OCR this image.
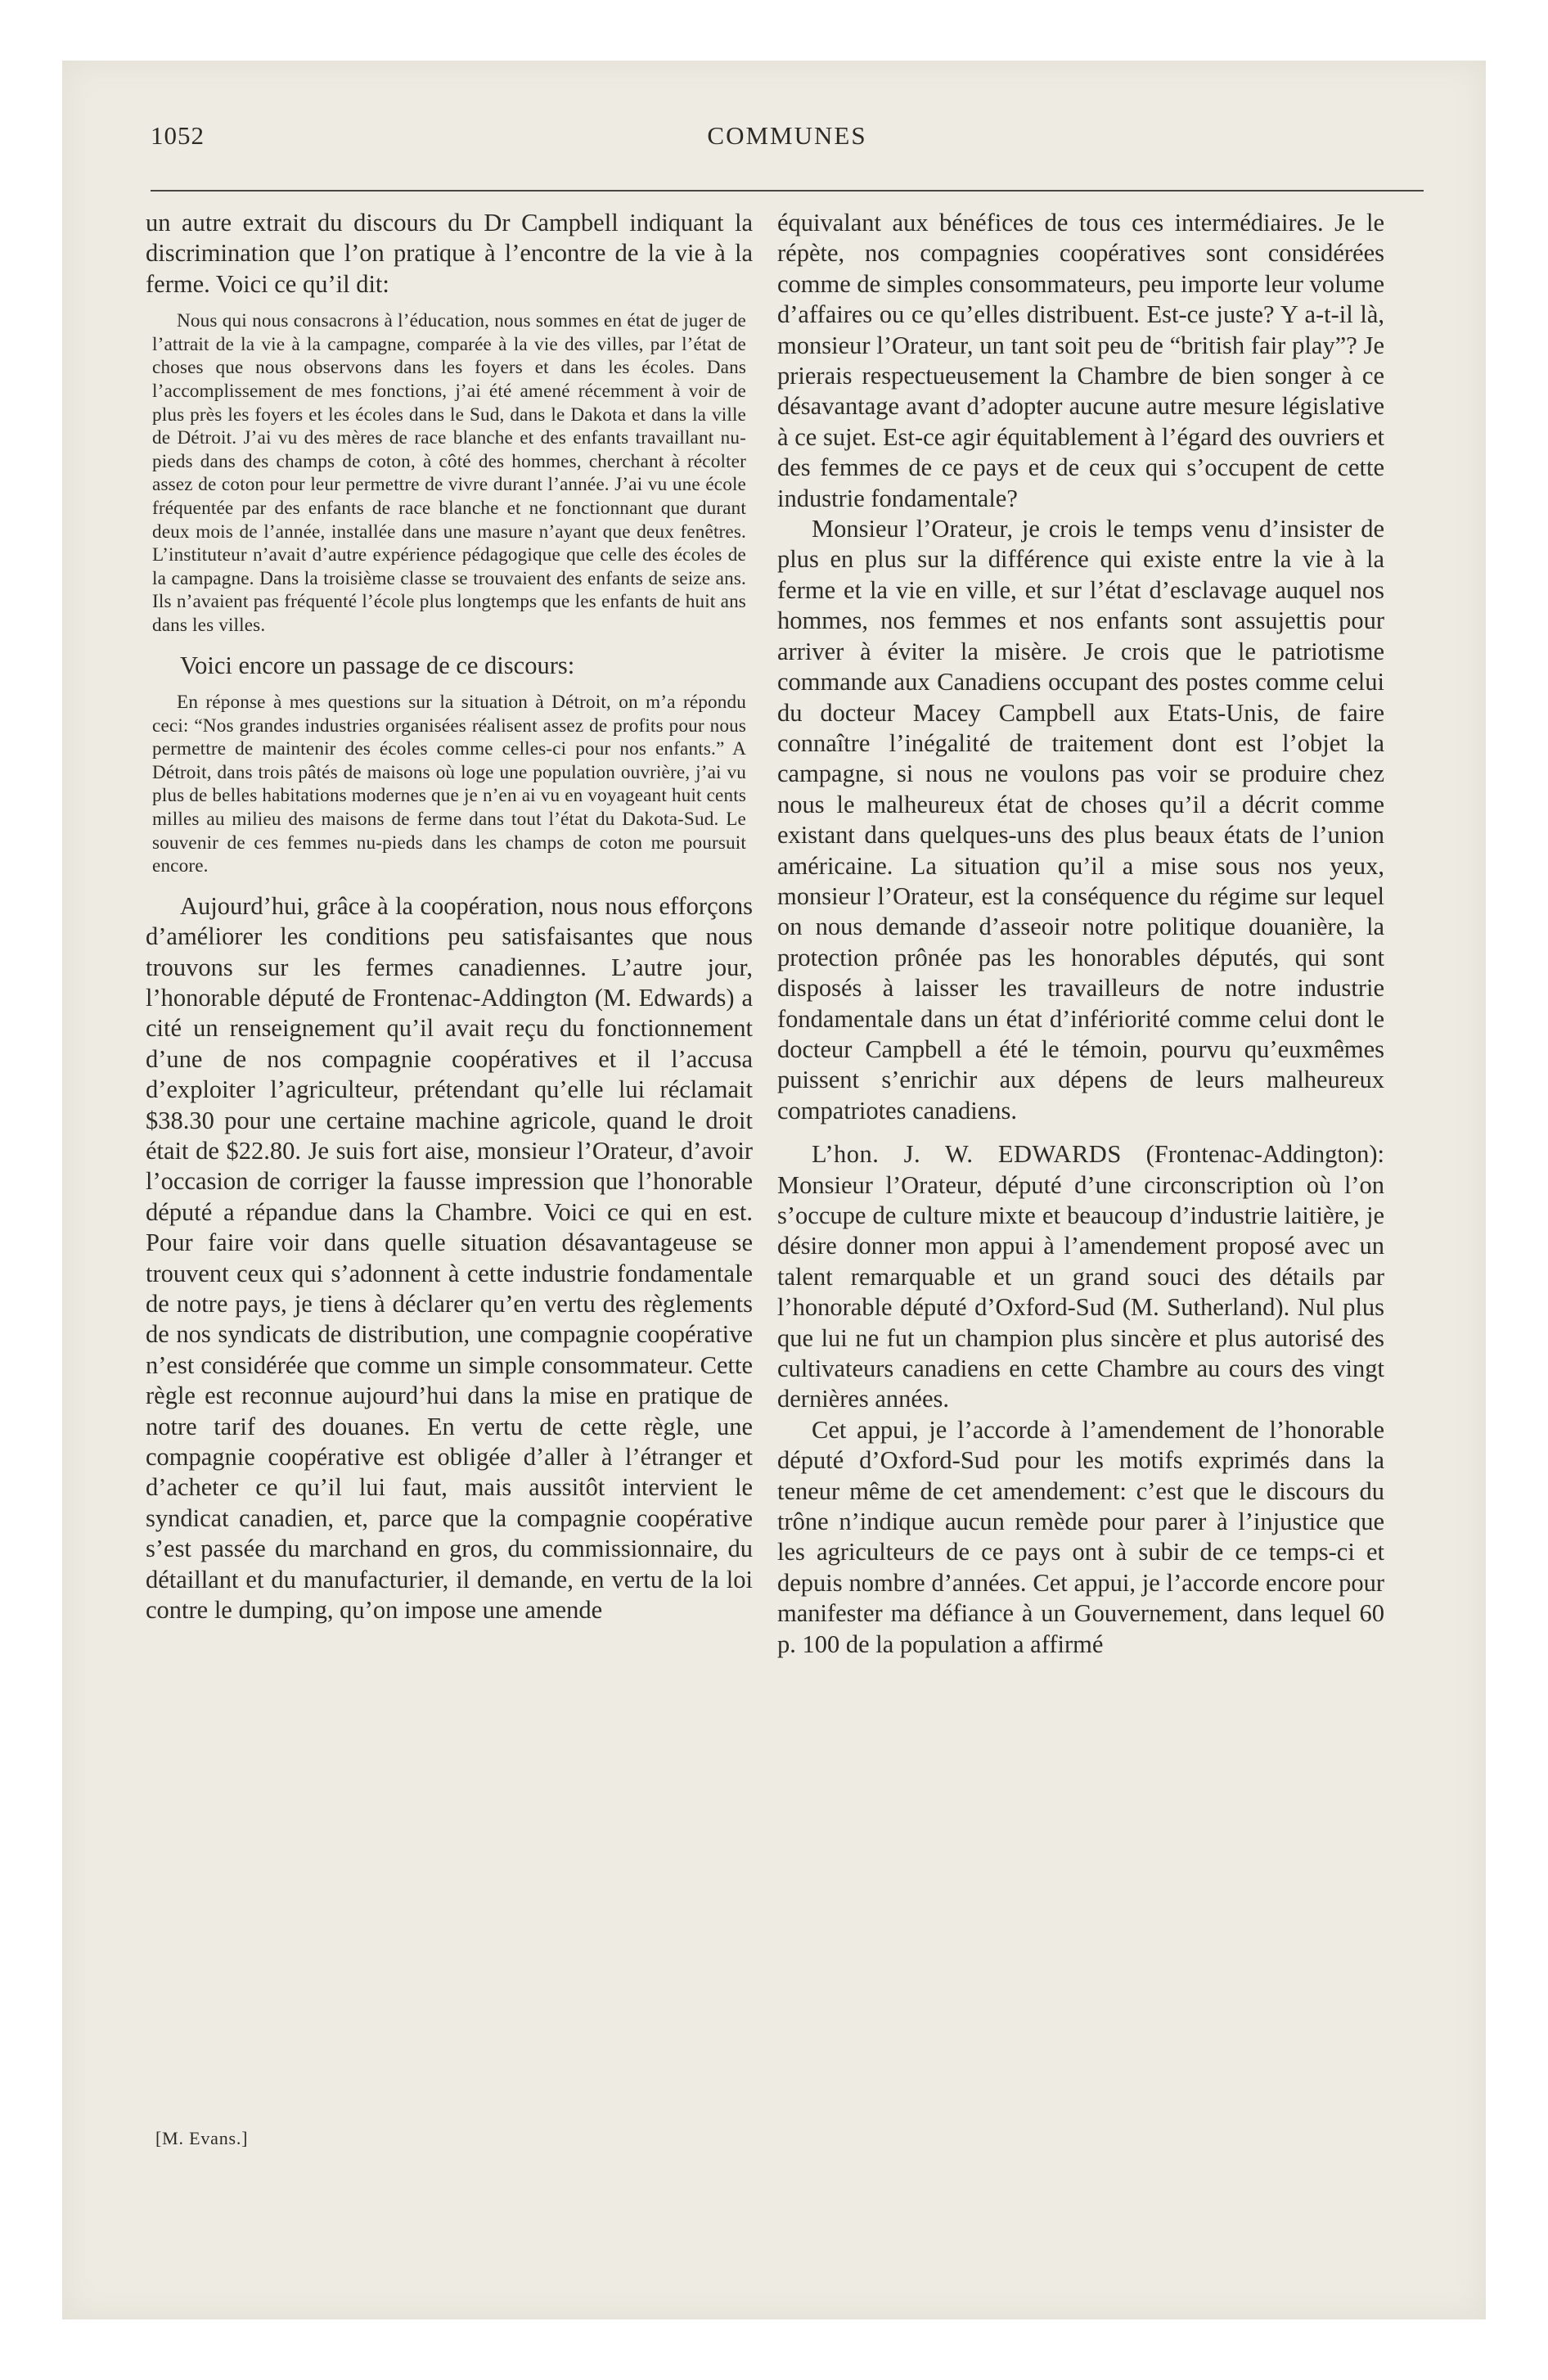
1052	COMMUNES

un autre extrait du discours du Dr Campbell indiquant la discrimination que l’on pratique à l’encontre de la vie à la ferme. Voici ce qu’il dit:

Nous qui nous consacrons à l’éducation, nous sommes en état de juger de l’attrait de la vie à la campagne, comparée à la vie des villes, par l’état de choses que nous observons dans les foyers et dans les écoles. Dans l’accomplissement de mes fonctions, j’ai été amené récemment à voir de plus près les foyers et les écoles dans le Sud, dans le Dakota et dans la ville de Détroit. J’ai vu des mères de race blanche et des enfants travaillant nu-pieds dans des champs de coton, à côté des hommes, cherchant à récolter assez de coton pour leur permettre de vivre durant l’année. J’ai vu une école fréquentée par des enfants de race blanche et ne fonctionnant que durant deux mois de l’année, installée dans une masure n’ayant que deux fenêtres. L’instituteur n’avait d’autre expérience pédagogique que celle des écoles de la campagne. Dans la troisième classe se trouvaient des enfants de seize ans. Ils n’avaient pas fréquenté l’école plus longtemps que les enfants de huit ans dans les villes.

Voici encore un passage de ce discours:

En réponse à mes questions sur la situation à Détroit, on m’a répondu ceci: “Nos grandes industries organisées réalisent assez de profits pour nous permettre de maintenir des écoles comme celles-ci pour nos enfants.” A Détroit, dans trois pâtés de maisons où loge une population ouvrière, j’ai vu plus de belles habitations modernes que je n’en ai vu en voyageant huit cents milles au milieu des maisons de ferme dans tout l’état du Dakota-Sud. Le souvenir de ces femmes nu-pieds dans les champs de coton me poursuit encore.

Aujourd’hui, grâce à la coopération, nous nous efforçons d’améliorer les conditions peu satisfaisantes que nous trouvons sur les fermes canadiennes. L’autre jour, l’honorable député de Frontenac-Addington (M. Edwards) a cité un renseignement qu’il avait reçu du fonctionnement d’une de nos compagnie coopératives et il l’accusa d’exploiter l’agriculteur, prétendant qu’elle lui réclamait $38.30 pour une certaine machine agricole, quand le droit était de $22.80. Je suis fort aise, monsieur l’Orateur, d’avoir l’occasion de corriger la fausse impression que l’honorable député a répandue dans la Chambre. Voici ce qui en est. Pour faire voir dans quelle situation désavantageuse se trouvent ceux qui s’adonnent à cette industrie fondamentale de notre pays, je tiens à déclarer qu’en vertu des règlements de nos syndicats de distribution, une compagnie coopérative n’est considérée que comme un simple consommateur. Cette règle est reconnue aujourd’hui dans la mise en pratique de notre tarif des douanes. En vertu de cette règle, une compagnie coopérative est obligée d’aller à l’étranger et d’acheter ce qu’il lui faut, mais aussitôt intervient le syndicat canadien, et, parce que la compagnie coopérative s’est passée du marchand en gros, du commissionnaire, du détaillant et du manufacturier, il demande, en vertu de la loi contre le dumping, qu’on impose une amende

équivalant aux bénéfices de tous ces intermédiaires. Je le répète, nos compagnies coopératives sont considérées comme de simples consommateurs, peu importe leur volume d’affaires ou ce qu’elles distribuent. Est-ce juste? Y a-t-il là, monsieur l’Orateur, un tant soit peu de “british fair play”? Je prierais respectueusement la Chambre de bien songer à ce désavantage avant d’adopter aucune autre mesure législative à ce sujet. Est-ce agir équitablement à l’égard des ouvriers et des femmes de ce pays et de ceux qui s’occupent de cette industrie fondamentale?

Monsieur l’Orateur, je crois le temps venu d’insister de plus en plus sur la différence qui existe entre la vie à la ferme et la vie en ville, et sur l’état d’esclavage auquel nos hommes, nos femmes et nos enfants sont assujettis pour arriver à éviter la misère. Je crois que le patriotisme commande aux Canadiens occupant des postes comme celui du docteur Macey Campbell aux Etats-Unis, de faire connaître l’inégalité de traitement dont est l’objet la campagne, si nous ne voulons pas voir se produire chez nous le malheureux état de choses qu’il a décrit comme existant dans quelques-uns des plus beaux états de l’union américaine. La situation qu’il a mise sous nos yeux, monsieur l’Orateur, est la conséquence du régime sur lequel on nous demande d’asseoir notre politique douanière, la protection prônée pas les honorables députés, qui sont disposés à laisser les travailleurs de notre industrie fondamentale dans un état d’infériorité comme celui dont le docteur Campbell a été le témoin, pourvu qu’euxmêmes puissent s’enrichir aux dépens de leurs malheureux compatriotes canadiens.

L’hon. J. W. EDWARDS (Frontenac-Addington): Monsieur l’Orateur, député d’une circonscription où l’on s’occupe de culture mixte et beaucoup d’industrie laitière, je désire donner mon appui à l’amendement proposé avec un talent remarquable et un grand souci des détails par l’honorable député d’Oxford-Sud (M. Sutherland). Nul plus que lui ne fut un champion plus sincère et plus autorisé des cultivateurs canadiens en cette Chambre au cours des vingt dernières années.

Cet appui, je l’accorde à l’amendement de l’honorable député d’Oxford-Sud pour les motifs exprimés dans la teneur même de cet amendement: c’est que le discours du trône n’indique aucun remède pour parer à l’injustice que les agriculteurs de ce pays ont à subir de ce temps-ci et depuis nombre d’années. Cet appui, je l’accorde encore pour manifester ma défiance à un Gouvernement, dans lequel 60 p. 100 de la population a affirmé

[M. Evans.]
